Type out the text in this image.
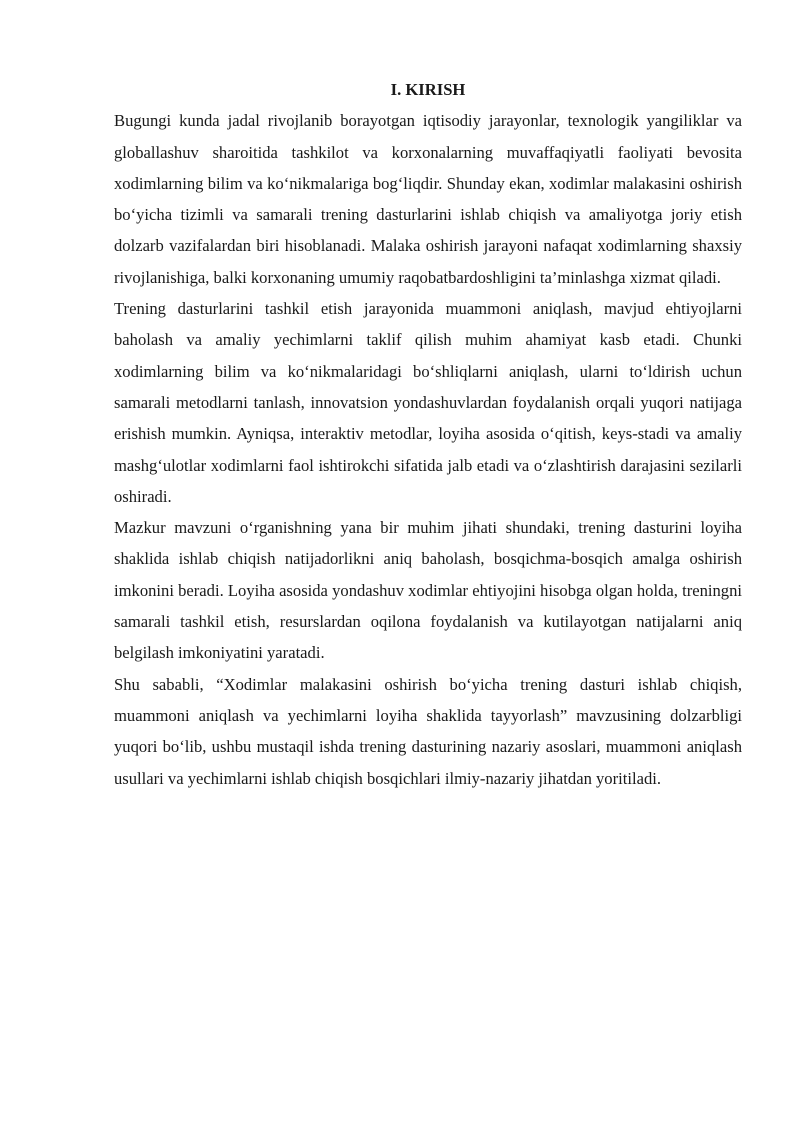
I. KIRISH

Bugungi kunda jadal rivojlanib borayotgan iqtisodiy jarayonlar, texnologik yangiliklar va globallashuv sharoitida tashkilot va korxonalarning muvaffaqiyatli faoliyati bevosita xodimlarning bilim va ko‘nikmalariga bog‘liqdir. Shunday ekan, xodimlar malakasini oshirish bo‘yicha tizimli va samarali trening dasturlarini ishlab chiqish va amaliyotga joriy etish dolzarb vazifalardan biri hisoblanadi. Malaka oshirish jarayoni nafaqat xodimlarning shaxsiy rivojlanishiga, balki korxonaning umumiy raqobatbardoshligini ta’minlashga xizmat qiladi.

Trening dasturlarini tashkil etish jarayonida muammoni aniqlash, mavjud ehtiyojlarni baholash va amaliy yechimlarni taklif qilish muhim ahamiyat kasb etadi. Chunki xodimlarning bilim va ko‘nikmalaridagi bo‘shliqlarni aniqlash, ularni to‘ldirish uchun samarali metodlarni tanlash, innovatsion yondashuvlardan foydalanish orqali yuqori natijaga erishish mumkin. Ayniqsa, interaktiv metodlar, loyiha asosida o‘qitish, keys-stadi va amaliy mashg‘ulotlar xodimlarni faol ishtirokchi sifatida jalb etadi va o‘zlashtirish darajasini sezilarli oshiradi.

Mazkur mavzuni o‘rganishning yana bir muhim jihati shundaki, trening dasturini loyiha shaklida ishlab chiqish natijadorlikni aniq baholash, bosqichma-bosqich amalga oshirish imkonini beradi. Loyiha asosida yondashuv xodimlar ehtiyojini hisobga olgan holda, treningni samarali tashkil etish, resurslardan oqilona foydalanish va kutilayotgan natijalarni aniq belgilash imkoniyatini yaratadi.

Shu sababli, “Xodimlar malakasini oshirish bo‘yicha trening dasturi ishlab chiqish, muammoni aniqlash va yechimlarni loyiha shaklida tayyorlash” mavzusining dolzarbligi yuqori bo‘lib, ushbu mustaqil ishda trening dasturining nazariy asoslari, muammoni aniqlash usullari va yechimlarni ishlab chiqish bosqichlari ilmiy-nazariy jihatdan yoritiladi.
